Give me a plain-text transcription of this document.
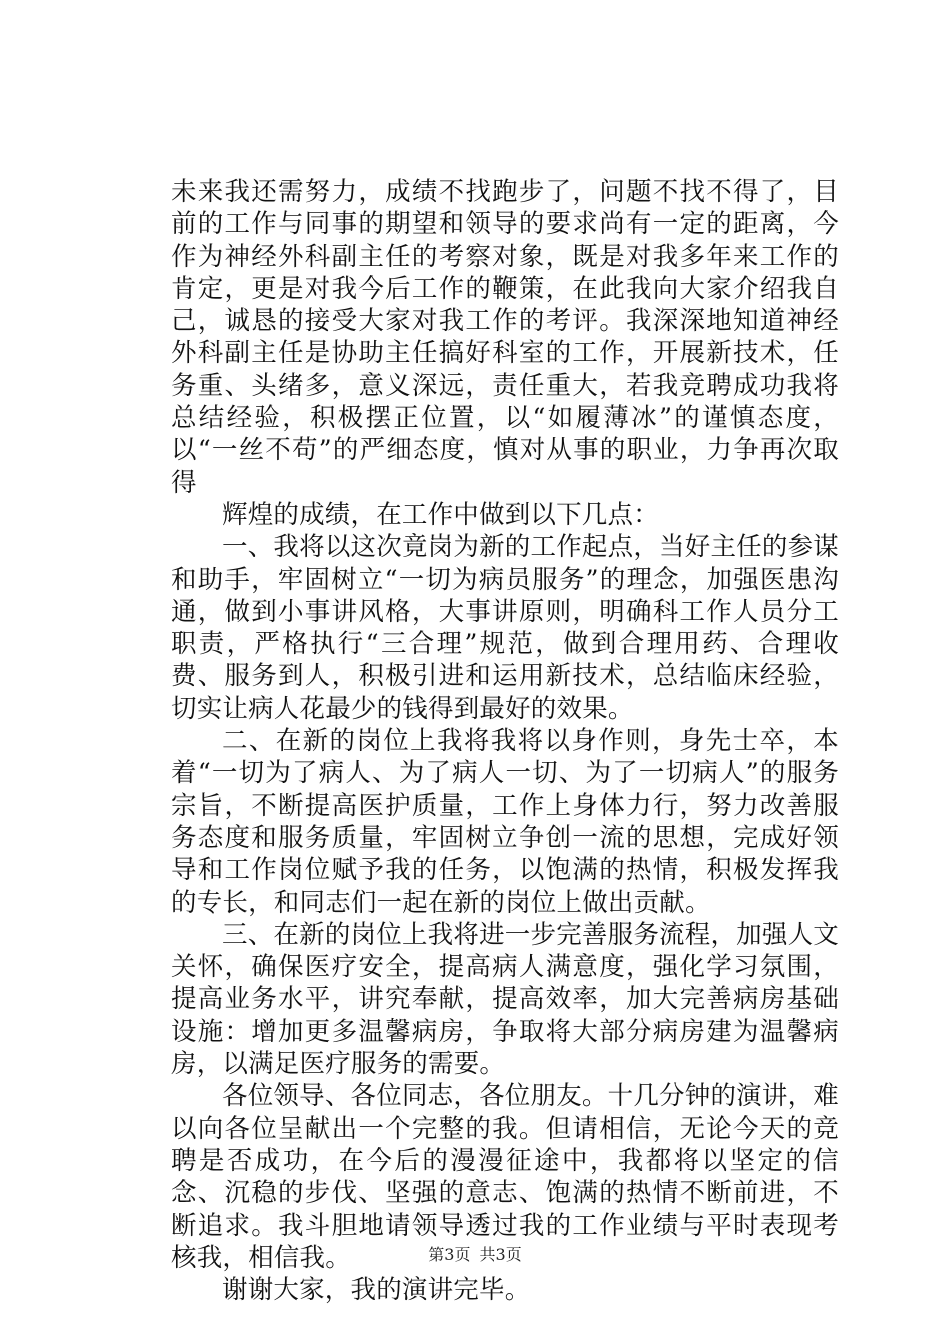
未来我还需努力，成绩不找跑步了，问题不找不得了，目前的工作与同事的期望和领导的要求尚有一定的距离，今作为神经外科副主任的考察对象，既是对我多年来工作的肯定，更是对我今后工作的鞭策，在此我向大家介绍我自己，诚恳的接受大家对我工作的考评。我深深地知道神经外科副主任是协助主任搞好科室的工作，开展新技术，任务重、头绪多，意义深远，责任重大，若我竞聘成功我将总结经验，积极摆正位置，以“如履薄冰”的谨慎态度，以“一丝不苟”的严细态度，慎对从事的职业，力争再次取得

辉煌的成绩，在工作中做到以下几点：

一、我将以这次竟岗为新的工作起点，当好主任的参谋和助手，牢固树立“一切为病员服务”的理念，加强医患沟通，做到小事讲风格，大事讲原则，明确科工作人员分工职责，严格执行“三合理”规范，做到合理用药、合理收费、服务到人，积极引进和运用新技术，总结临床经验，切实让病人花最少的钱得到最好的效果。

二、在新的岗位上我将我将以身作则，身先士卒，本着“一切为了病人、为了病人一切、为了一切病人”的服务宗旨，不断提高医护质量，工作上身体力行，努力改善服务态度和服务质量，牢固树立争创一流的思想，完成好领导和工作岗位赋予我的任务，以饱满的热情，积极发挥我的专长，和同志们一起在新的岗位上做出贡献。

三、在新的岗位上我将进一步完善服务流程，加强人文关怀，确保医疗安全，提高病人满意度，强化学习氛围，提高业务水平，讲究奉献，提高效率，加大完善病房基础设施：增加更多温馨病房，争取将大部分病房建为温馨病房，以满足医疗服务的需要。

各位领导、各位同志，各位朋友。十几分钟的演讲，难以向各位呈献出一个完整的我。但请相信，无论今天的竞聘是否成功，在今后的漫漫征途中，我都将以坚定的信念、沉稳的步伐、坚强的意志、饱满的热情不断前进，不断追求。我斗胆地请领导透过我的工作业绩与平时表现考核我，相信我。

谢谢大家，我的演讲完毕。

第3页 共3页
